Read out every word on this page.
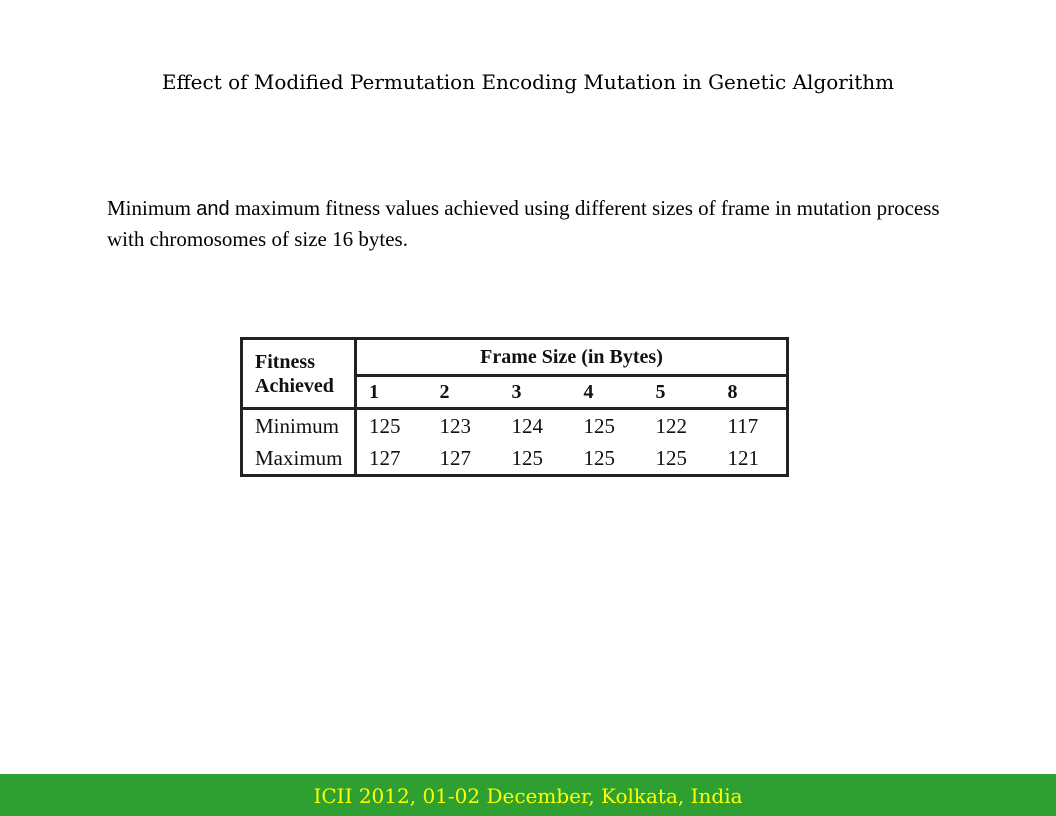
Effect of Modified Permutation Encoding Mutation in Genetic Algorithm
Minimum and maximum fitness values achieved using different sizes of frame in mutation process with chromosomes of size 16 bytes.
Fitness
Achieved	Frame Size (in Bytes)					
	1	2	3	4	5	8
Minimum	125	123	124	125	122	117
Maximum	127	127	125	125	125	121
ICII 2012, 01-02 December, Kolkata, India
